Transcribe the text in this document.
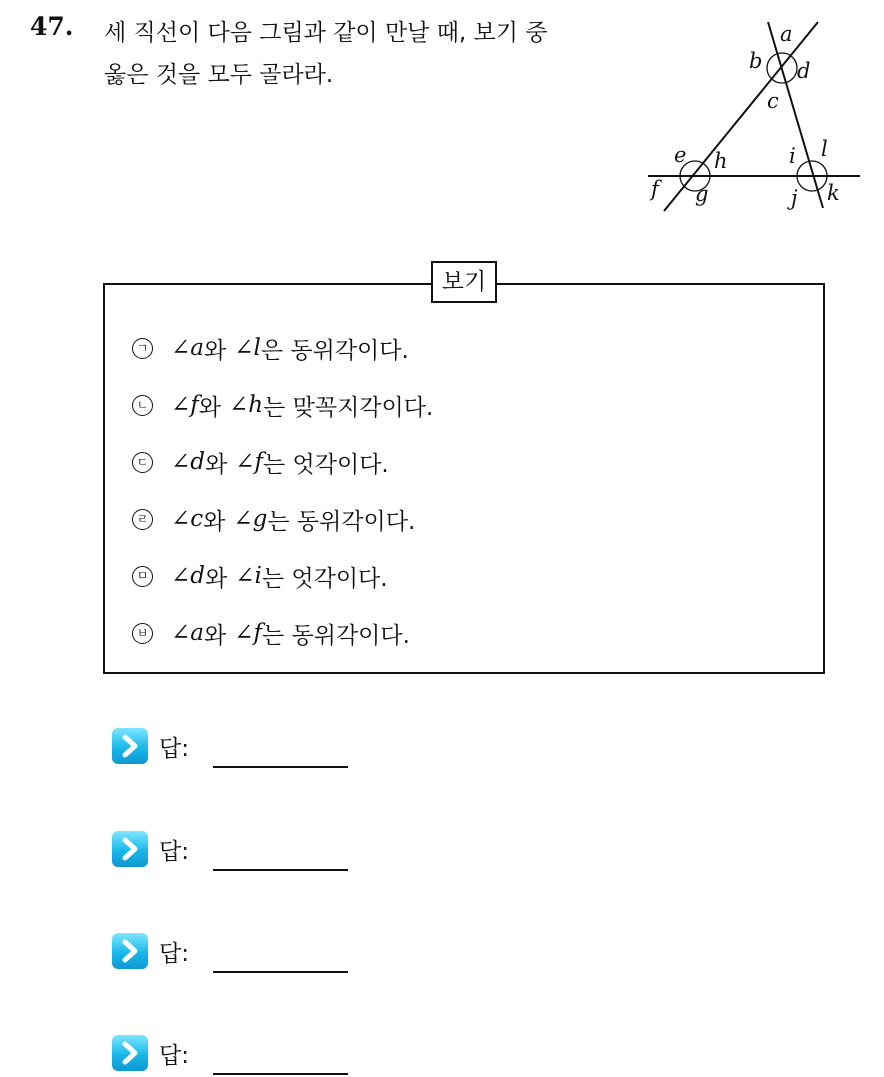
47. 세 직선이 다음 그림과 같이 만날 때, 보기 중
옳은 것을 모두 골라라.
a
b d
c
e h
f g
i l
j k
보기
ㄱ ∠a 와 ∠l 은 동위각이다.
ㄴ ∠f 와 ∠h 는 맞꼭지각이다.
ㄷ ∠d 와 ∠f 는 엇각이다.
ㄹ ∠c 와 ∠g 는 동위각이다.
ㅁ ∠d 와 ∠i 는 엇각이다.
ㅂ ∠a 와 ∠f 는 동위각이다.
답:
답:
답:
답:
